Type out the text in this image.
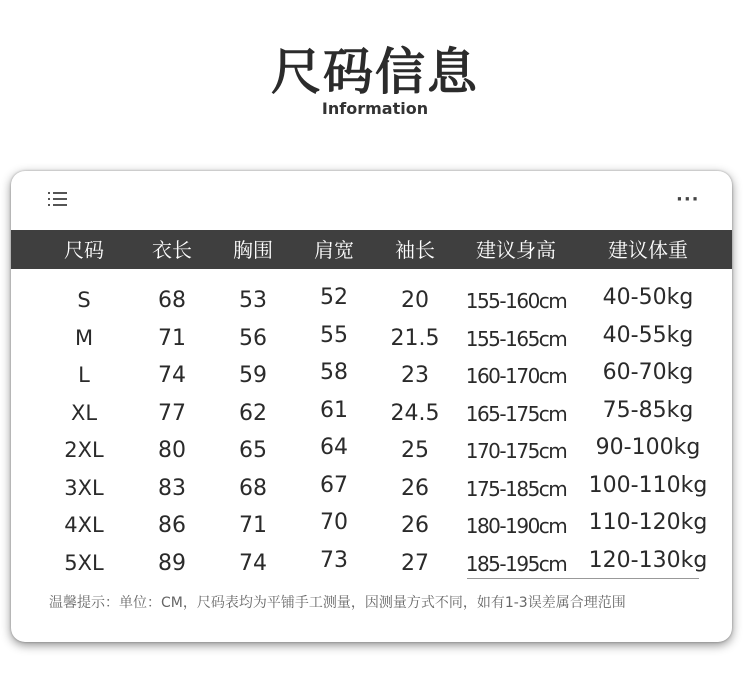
尺码信息
Information
···
尺码 衣长 胸围 肩宽 袖长 建议身高	建议体重
S	68 53 52 20 155-160cm 40-50kg
M	71 56 55 21.5 155-165cm 40-55kg
L	74 59 58 23 160-170cm 60-70kg
XL	77 62 61 24.5 165-175cm 75-85kg
2XL 80 65 64 25 170-175cm 90-100kg
3XL 83 68 67 26 175-185cm 100-110kg
4XL 86 71 70 26 180-190cm 110-120kg
5XL 89 74 73 27 185-195cm 120-130kg
温馨提示：单位：CM，尺码表均为平铺手工测量，因测量方式不同，如有1-3误差属合理范围
